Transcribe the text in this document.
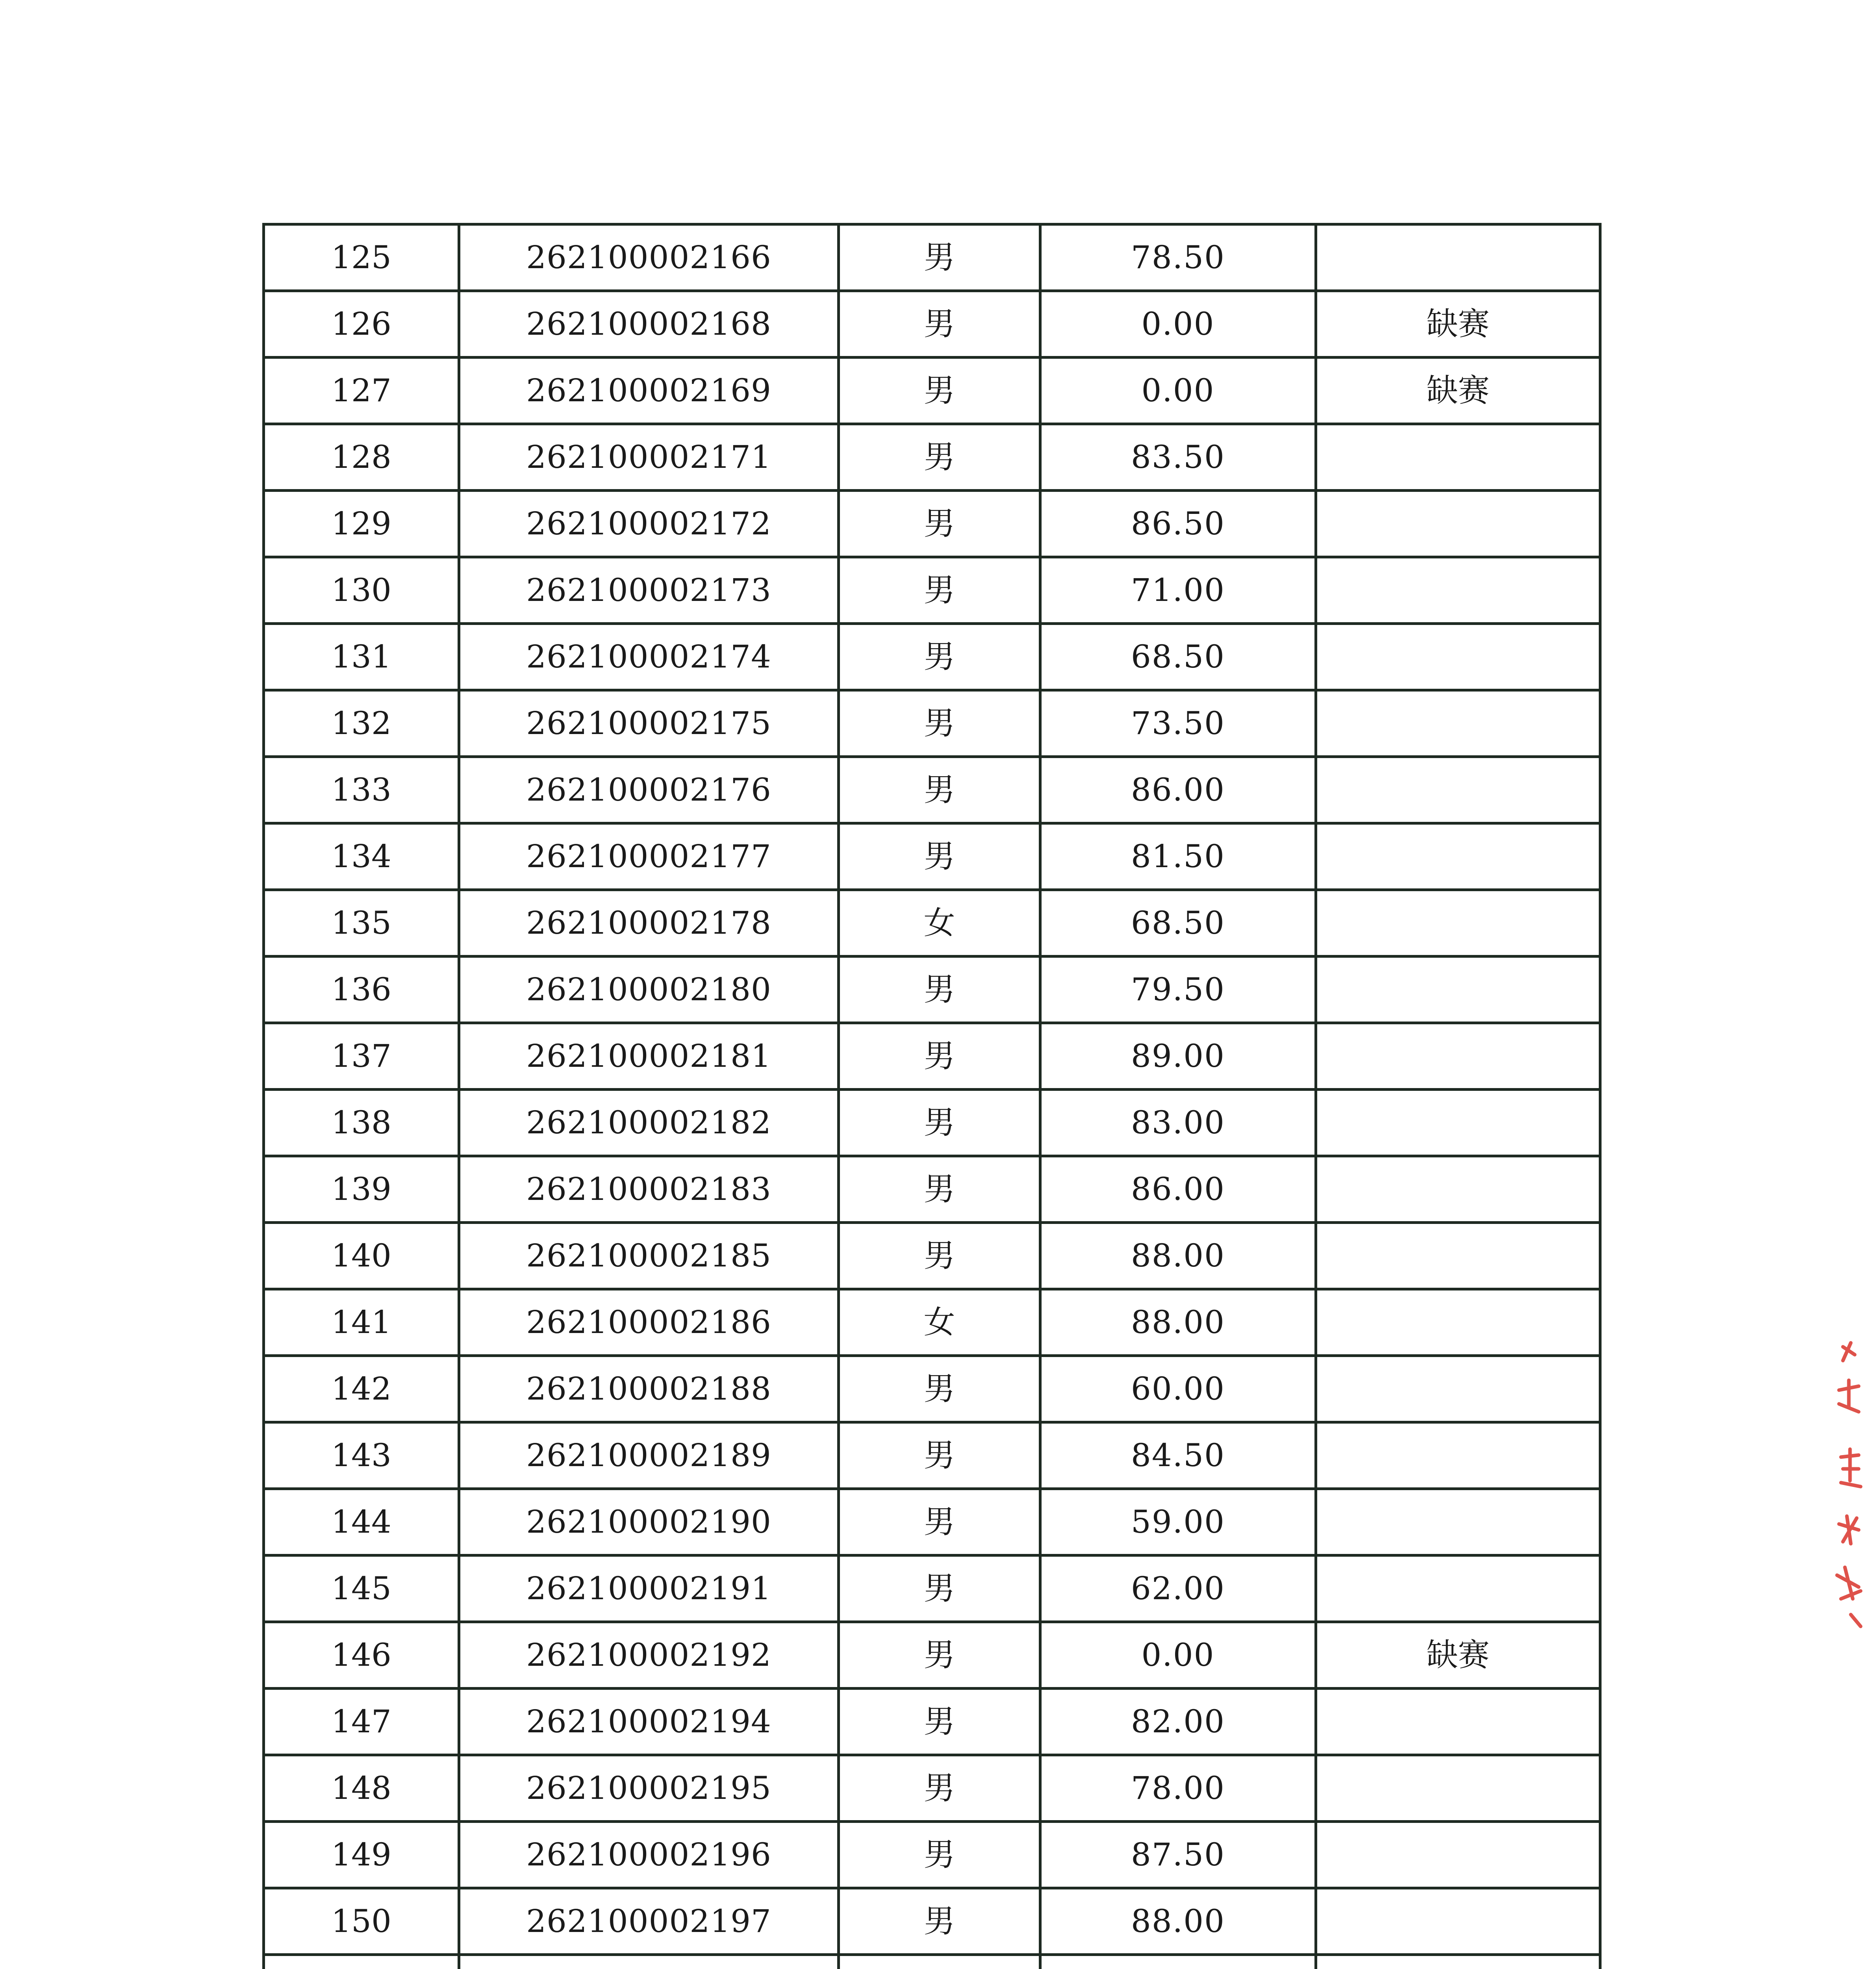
125	262100002166	男	78.50	
126	262100002168	男	0.00	缺赛
127	262100002169	男	0.00	缺赛
128	262100002171	男	83.50	
129	262100002172	男	86.50	
130	262100002173	男	71.00	
131	262100002174	男	68.50	
132	262100002175	男	73.50	
133	262100002176	男	86.00	
134	262100002177	男	81.50	
135	262100002178	女	68.50	
136	262100002180	男	79.50	
137	262100002181	男	89.00	
138	262100002182	男	83.00	
139	262100002183	男	86.00	
140	262100002185	男	88.00	
141	262100002186	女	88.00	
142	262100002188	男	60.00	
143	262100002189	男	84.50	
144	262100002190	男	59.00	
145	262100002191	男	62.00	
146	262100002192	男	0.00	缺赛
147	262100002194	男	82.00	
148	262100002195	男	78.00	
149	262100002196	男	87.50	
150	262100002197	男	88.00	
